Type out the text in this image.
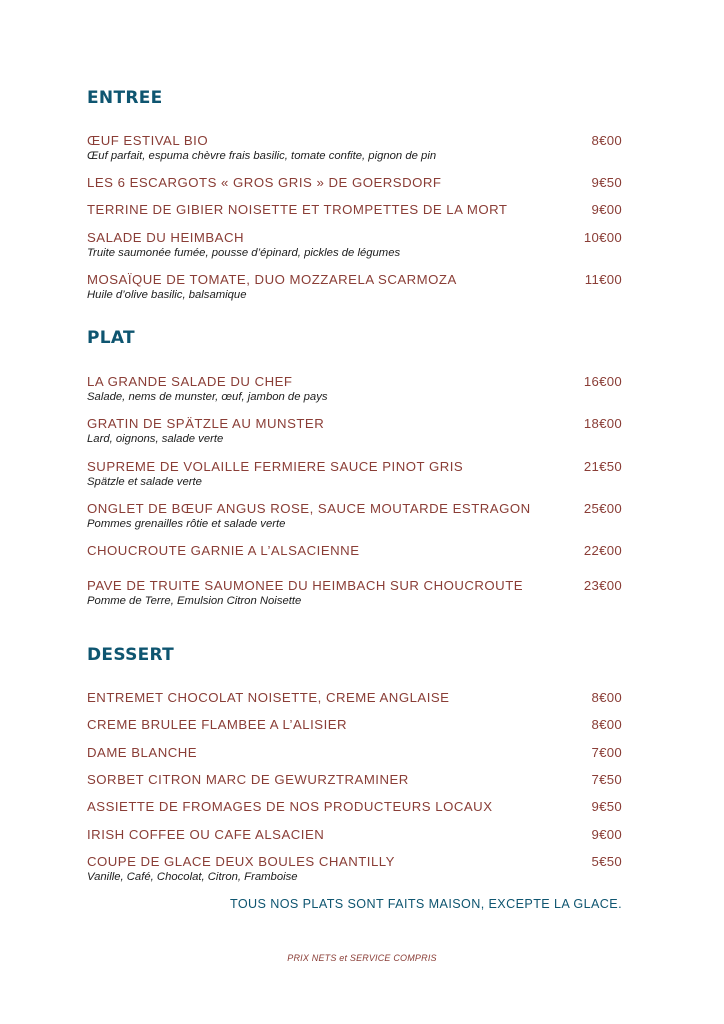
ENTREE
ŒUF ESTIVAL BIO	8€00
Œuf parfait, espuma chèvre frais basilic, tomate confite, pignon de pin
LES 6 ESCARGOTS « GROS GRIS » DE GOERSDORF	9€50
TERRINE DE GIBIER NOISETTE ET TROMPETTES DE LA MORT	9€00
SALADE DU HEIMBACH	10€00
Truite saumonée fumée, pousse d’épinard, pickles de légumes
MOSAÏQUE DE TOMATE, DUO MOZZARELA SCARMOZA	11€00
Huile d’olive basilic, balsamique
PLAT
LA GRANDE SALADE DU CHEF	16€00
Salade, nems de munster, œuf, jambon de pays
GRATIN DE SPÄTZLE AU MUNSTER	18€00
Lard, oignons, salade verte
SUPREME DE VOLAILLE FERMIERE SAUCE PINOT GRIS	21€50
Spätzle et salade verte
ONGLET DE BŒUF ANGUS ROSE, SAUCE MOUTARDE ESTRAGON	25€00
Pommes grenailles rôtie et salade verte
CHOUCROUTE GARNIE A L’ALSACIENNE	22€00
PAVE DE TRUITE SAUMONEE DU HEIMBACH SUR CHOUCROUTE	23€00
Pomme de Terre, Emulsion Citron Noisette
DESSERT
ENTREMET CHOCOLAT NOISETTE, CREME ANGLAISE	8€00
CREME BRULEE FLAMBEE A L’ALISIER	8€00
DAME BLANCHE	7€00
SORBET CITRON MARC DE GEWURZTRAMINER	7€50
ASSIETTE DE FROMAGES DE NOS PRODUCTEURS LOCAUX	9€50
IRISH COFFEE OU CAFE ALSACIEN	9€00
COUPE DE GLACE DEUX BOULES CHANTILLY	5€50
Vanille, Café, Chocolat, Citron, Framboise
TOUS NOS PLATS SONT FAITS MAISON, EXCEPTE LA GLACE.
PRIX NETS et SERVICE COMPRIS
